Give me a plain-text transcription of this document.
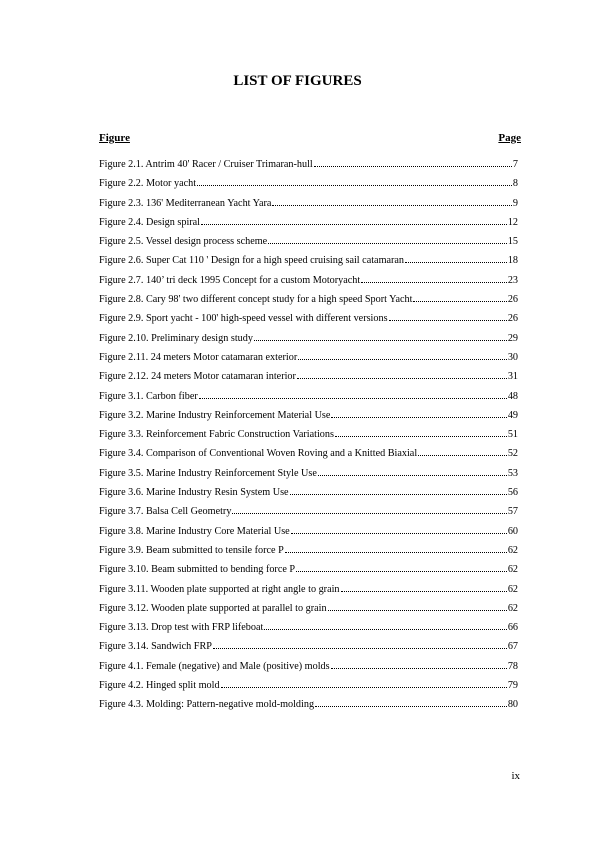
LIST OF FIGURES
Figure	Page
Figure 2.1. Antrim 40' Racer / Cruiser Trimaran-hull	7
Figure 2.2. Motor yacht	8
Figure 2.3. 136' Mediterranean Yacht Yara	9
Figure 2.4. Design spiral	12
Figure 2.5. Vessel design process scheme	15
Figure 2.6. Super Cat 110 ' Design for a high speed cruising sail catamaran	18
Figure 2.7. 140’ tri deck 1995 Concept for a custom Motoryacht	23
Figure 2.8. Cary 98' two different concept study for a high speed Sport Yacht	26
Figure 2.9. Sport yacht - 100' high-speed vessel with different versions	26
Figure 2.10. Preliminary design study	29
Figure 2.11. 24 meters Motor catamaran exterior	30
Figure 2.12. 24 meters Motor catamaran interior	31
Figure 3.1. Carbon fiber	48
Figure 3.2. Marine Industry Reinforcement Material Use	49
Figure 3.3. Reinforcement Fabric Construction Variations	51
Figure 3.4. Comparison of Conventional Woven Roving and a Knitted Biaxial	52
Figure 3.5. Marine Industry Reinforcement Style Use	53
Figure 3.6. Marine Industry Resin System Use	56
Figure 3.7. Balsa Cell Geometry	57
Figure 3.8. Marine Industry Core Material Use	60
Figure 3.9. Beam submitted to tensile force P	62
Figure 3.10. Beam submitted to bending force P	62
Figure 3.11. Wooden plate supported at right angle to grain	62
Figure 3.12. Wooden plate supported at parallel to grain	62
Figure 3.13. Drop test with FRP lifeboat	66
Figure 3.14. Sandwich FRP	67
Figure 4.1. Female (negative) and Male (positive) molds	78
Figure 4.2. Hinged split mold	79
Figure 4.3. Molding: Pattern-negative mold-molding	80
ix
